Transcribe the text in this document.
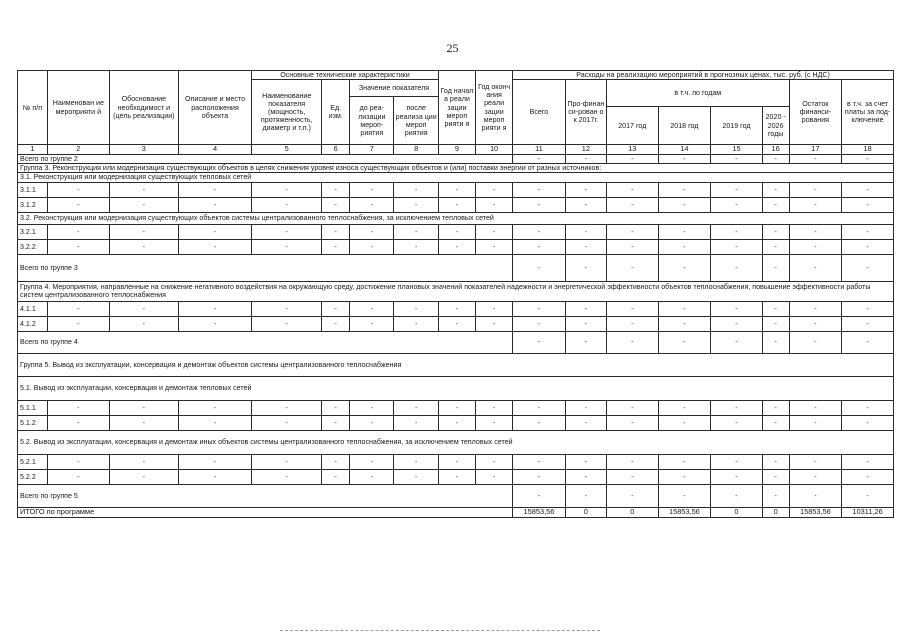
25
№ п/п	Наименован ие мероприяти й	Обоснование необходимост и (цель реализации)	Описание и место расположения объекта	Основные технические характеристики				Год начал а реали зации мероп рияти я	Год оконч ания реали зации мероп рияти я	Расходы на реализацию мероприятий в прогнозных ценах, тыс. руб. (с НДС)							
				Наименование показателя (мощность, протяженность, диаметр и т.п.)	Ед. изм.	Значение показателя				Всего	Про-финан си-рован о к 2017г.	в т.ч. по годам				Остаток финанси-рования	в т.ч. за счет платы за под-ключение
						до реа-лизации мероп-риятия	после реализа ции мероп риятия										
												2017 год	2018 год	2019 год	2020 - 2026 годы		
1	2	3	4	5	6	7	8	9	10	11	12	13	14	15	16	17	18
Всего по группе 2										-	-	-	-	-	-	-	-
Группа 3. Реконструкция или модернизация существующих объектов в целях снижения уровня износа существующих объектов и (или) поставки энергии от разных источников:																	
3.1. Реконструкция или модернизация существующих тепловых сетей																	
3.1.1	-	-	-	-	-	-	-	-	-	-	-	-	-	-	-	-	-
3.1.2	-	-	-	-	-	-	-	-	-	-	-	-	-	-	-	-	-
3.2. Реконструкция или модернизация существующих объектов системы централизованного теплоснабжения, за исключением тепловых сетей																	
3.2.1	-	-	-	-	-	-	-	-	-	-	-	-	-	-	-	-	-
3.2.2	-	-	-	-	-	-	-	-	-	-	-	-	-	-	-	-	-
Всего по группе 3										-	-	-	-	-	-	-	-
Группа 4. Мероприятия, направленные на снижение негативного воздействия на окружающую среду, достижение плановых значений показателей надежности и энергетической эффективности объектов теплоснабжения, повышение эффективности работы систем централизованного теплоснабжения																	
4.1.1	-	-	-	-	-	-	-	-	-	-	-	-	-	-	-	-	-
4.1.2	-	-	-	-	-	-	-	-	-	-	-	-	-	-	-	-	-
Всего по группе 4										-	-	-	-	-	-	-	-
Группа 5. Вывод из эксплуатации, консервация и демонтаж объектов системы централизованного теплоснабжения																	
5.1. Вывод из эксплуатации, консервация и демонтаж тепловых сетей																	
5.1.1	-	-	-	-	-	-	-	-	-	-	-	-	-	-	-	-	-
5.1.2	-	-	-	-	-	-	-	-	-	-	-	-	-	-	-	-	-
5.2. Вывод из эксплуатации, консервация и демонтаж иных объектов системы централизованного теплоснабжения, за исключением тепловых сетей																	
5.2.1	-	-	-	-	-	-	-	-	-	-	-	-	-	-	-	-	-
5.2.2	-	-	-	-	-	-	-	-	-	-	-	-	-	-	-	-	-
Всего по группе 5										-	-	-	-	-	-	-	-
ИТОГО по программе										15853,56	0	0	15853,56	0	0	15853,56	10311,26
